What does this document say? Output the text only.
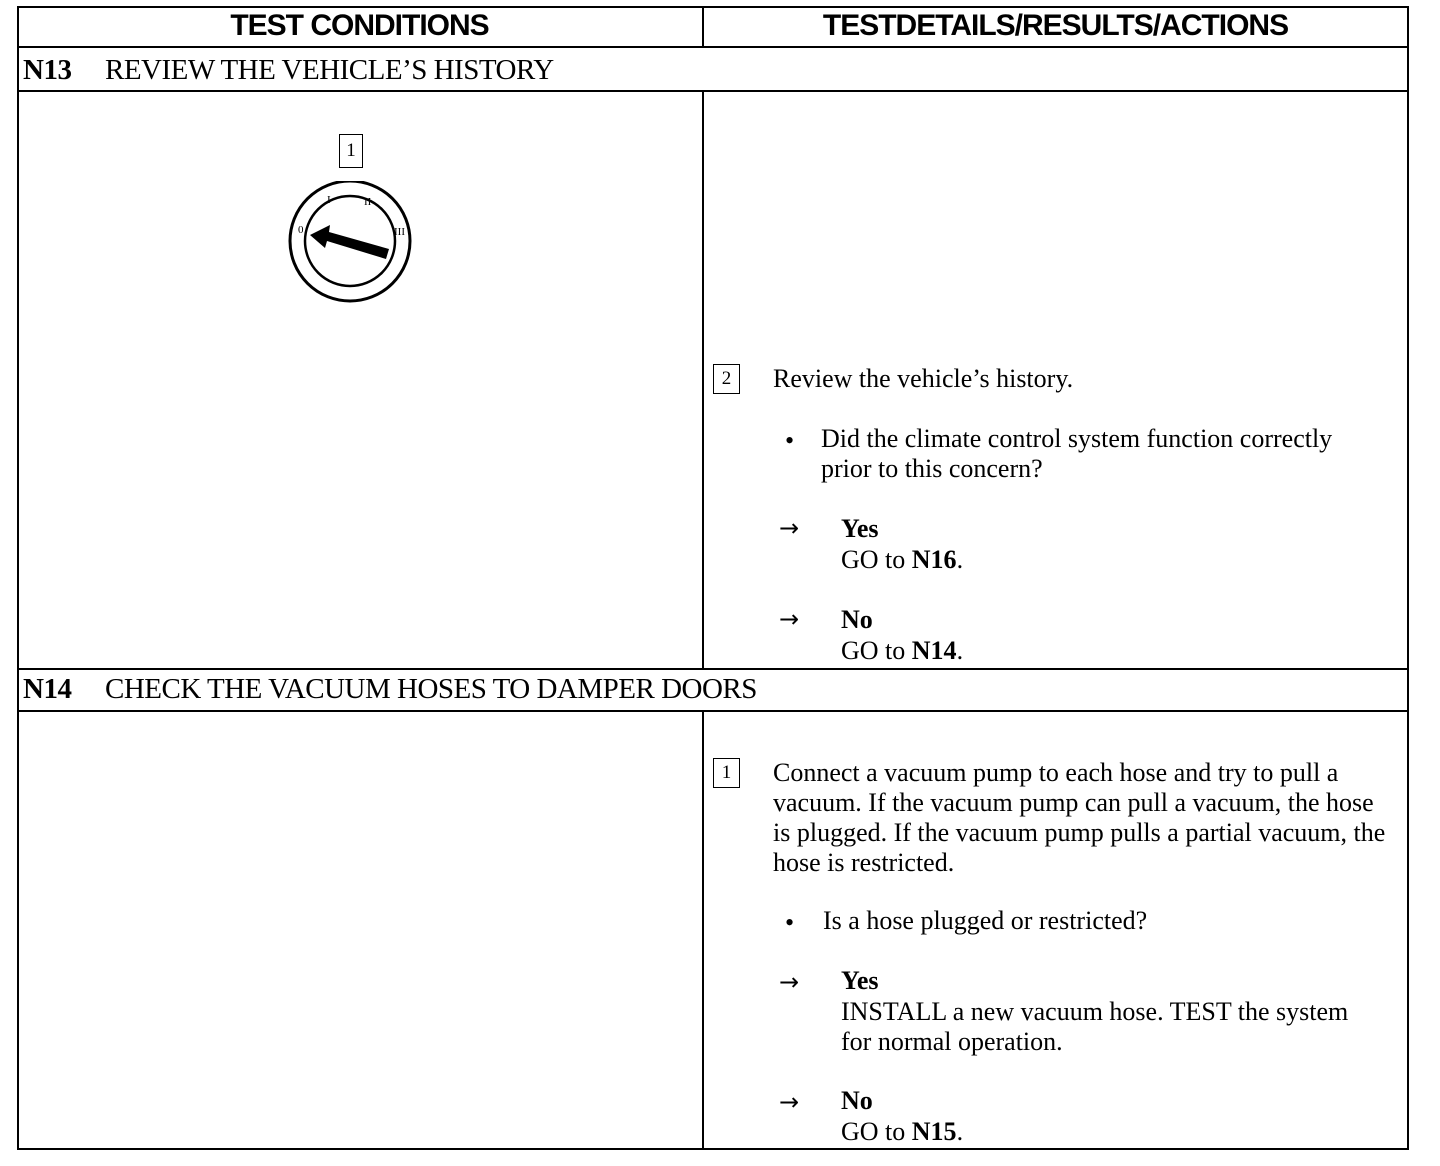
TEST CONDITIONS	TESTDETAILS/RESULTS/ACTIONS
N13 REVIEW THE VEHICLE’S HISTORY
1
0
I	II
III
2 Review the vehicle’s history.
• Did the climate control system function correctly prior to this concern?
→ Yes
GO to N16.
→ No
GO to N14.
N14 CHECK THE VACUUM HOSES TO DAMPER DOORS
1 Connect a vacuum pump to each hose and try to pull a vacuum. If the vacuum pump can pull a vacuum, the hose is plugged. If the vacuum pump pulls a partial vacuum, the hose is restricted.
• Is a hose plugged or restricted?
→ Yes
INSTALL a new vacuum hose. TEST the system for normal operation.
→ No
GO to N15.
